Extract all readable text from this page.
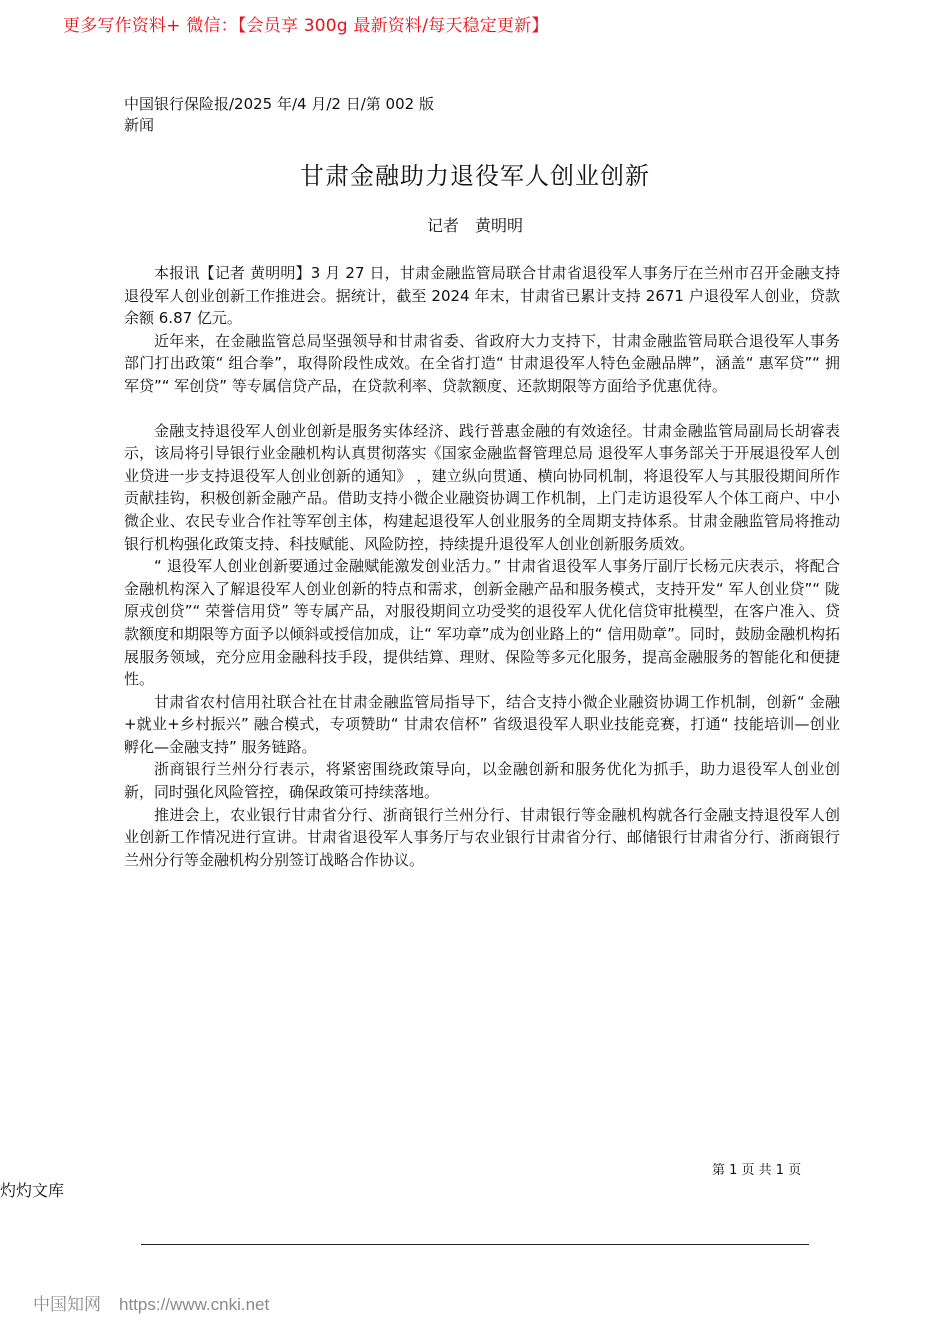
更多写作资料+ 微信：【会员享 300g 最新资料/每天稳定更新】
中国银行保险报/2025 年/4 月/2 日/第 002 版新闻
甘肃金融助力退役军人创业创新
记者　黄明明

本报讯【记者 黄明明】3 月 27 日，甘肃金融监管局联合甘肃省退役军人事务厅在兰州市召开金融支持退役军人创业创新工作推进会。据统计，截至 2024 年末，甘肃省已累计支持 2671 户退役军人创业，贷款余额 6.87 亿元。

近年来，在金融监管总局坚强领导和甘肃省委、省政府大力支持下，甘肃金融监管局联合退役军人事务部门打出政策“ 组合拳”，取得阶段性成效。在全省打造“ 甘肃退役军人特色金融品牌”，涵盖“ 惠军贷”“ 拥军贷”“ 军创贷” 等专属信贷产品，在贷款利率、贷款额度、还款期限等方面给予优惠优待。

金融支持退役军人创业创新是服务实体经济、践行普惠金融的有效途径。甘肃金融监管局副局长胡睿表示，该局将引导银行业金融机构认真贯彻落实《国家金融监督管理总局 退役军人事务部关于开展退役军人创业贷进一步支持退役军人创业创新的通知》 ，建立纵向贯通、横向协同机制，将退役军人与其服役期间所作贡献挂钩，积极创新金融产品。借助支持小微企业融资协调工作机制，上门走访退役军人个体工商户、中小微企业、农民专业合作社等军创主体，构建起退役军人创业服务的全周期支持体系。甘肃金融监管局将推动银行机构强化政策支持、科技赋能、风险防控，持续提升退役军人创业创新服务质效。

“ 退役军人创业创新要通过金融赋能激发创业活力。” 甘肃省退役军人事务厅副厅长杨元庆表示，将配合金融机构深入了解退役军人创业创新的特点和需求，创新金融产品和服务模式，支持开发“ 军人创业贷”“ 陇原戎创贷”“ 荣誉信用贷” 等专属产品，对服役期间立功受奖的退役军人优化信贷审批模型，在客户准入、贷款额度和期限等方面予以倾斜或授信加成，让“ 军功章”成为创业路上的“ 信用勋章”。同时，鼓励金融机构拓展服务领域，充分应用金融科技手段，提供结算、理财、保险等多元化服务，提高金融服务的智能化和便捷性。

甘肃省农村信用社联合社在甘肃金融监管局指导下，结合支持小微企业融资协调工作机制，创新“ 金融+就业+乡村振兴” 融合模式，专项赞助“ 甘肃农信杯” 省级退役军人职业技能竞赛，打通“ 技能培训—创业孵化—金融支持” 服务链路。

浙商银行兰州分行表示，将紧密围绕政策导向，以金融创新和服务优化为抓手，助力退役军人创业创新，同时强化风险管控，确保政策可持续落地。

推进会上，农业银行甘肃省分行、浙商银行兰州分行、甘肃银行等金融机构就各行金融支持退役军人创业创新工作情况进行宣讲。甘肃省退役军人事务厅与农业银行甘肃省分行、邮储银行甘肃省分行、浙商银行兰州分行等金融机构分别签订战略合作协议。

第 1 页 共 1 页
灼灼文库
中国知网 https://www.cnki.net
